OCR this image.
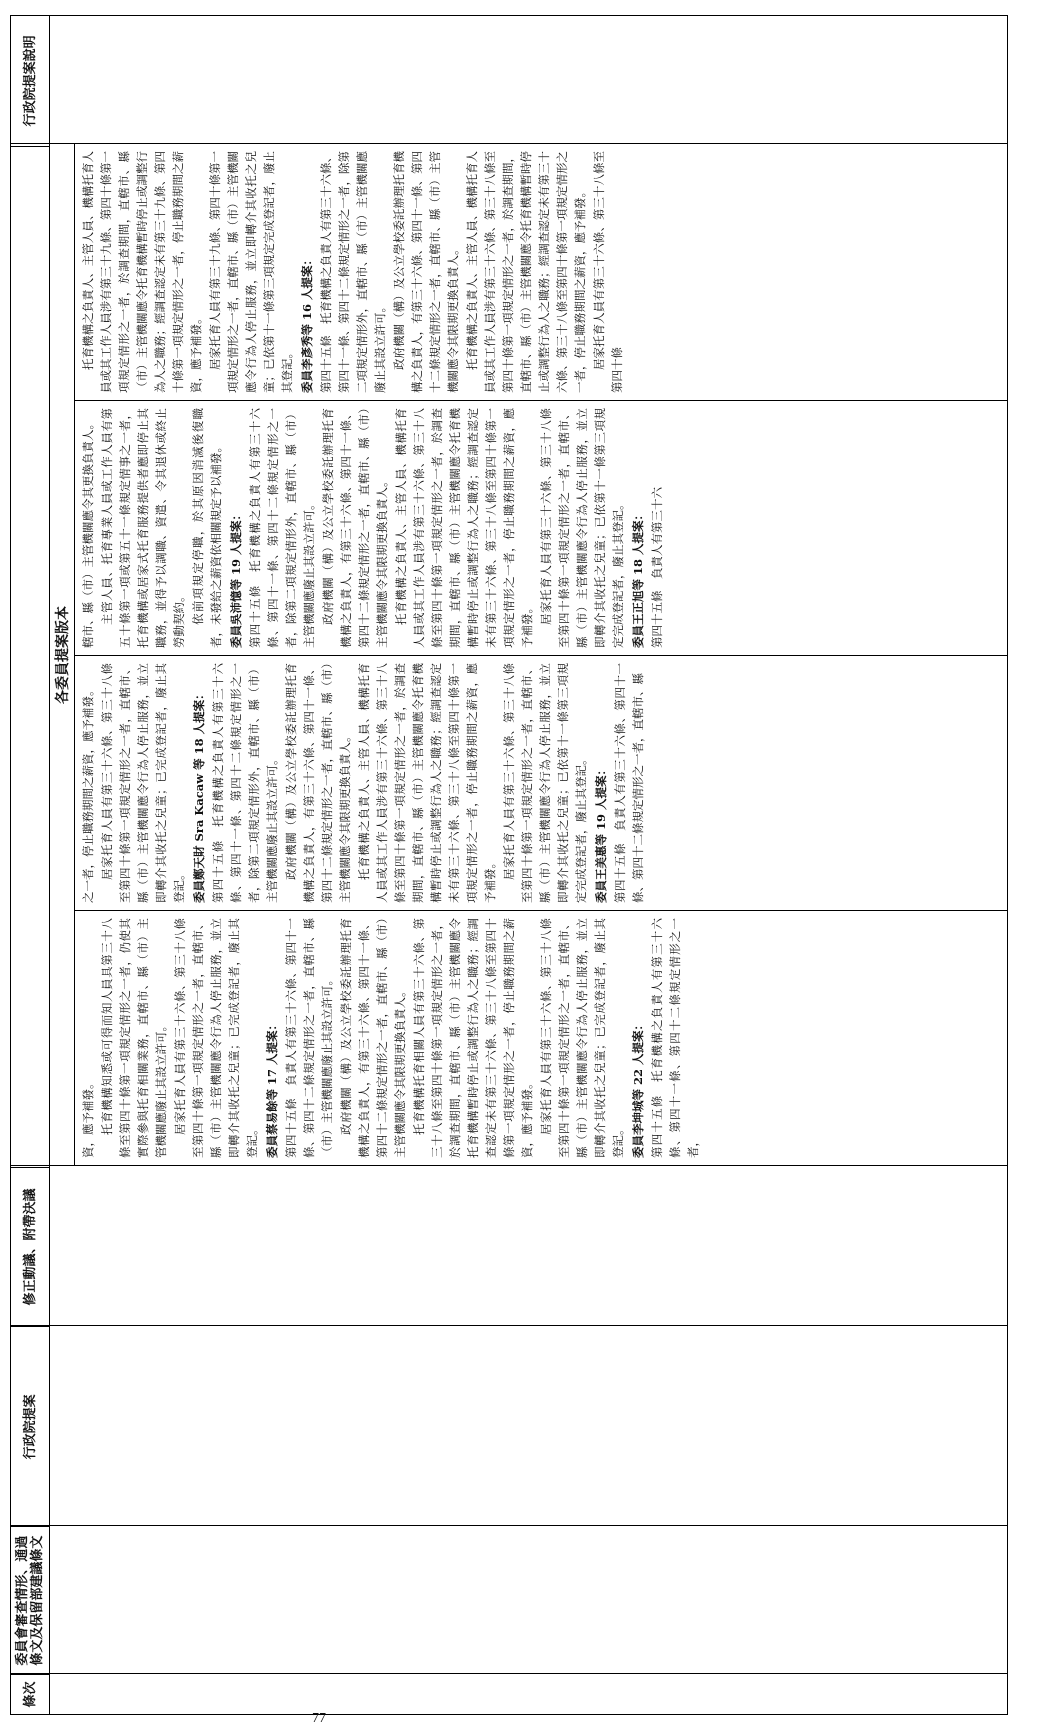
條次
委員會審查情形、通過條文及保留部建議條文
行政院提案
修正動議、附帶決議
行政院提案說明
各委員提案版本

資，應予補發。 托育機構知悉或可得而知人員具第三十八條至第四十條第一項規定情形之一者，仍使其實際參與托育相關業務，直轄市、縣（市）主管機關應廢止其設立許可。 居家托育人員有第三十六條、第三十八條至第四十條第一項規定情形之一者，直轄市、縣（市）主管機關應令行為人停止服務，並立即轉介其收托之兒童；已完成登記者，廢止其登記。 委員蔡易餘等 17 人提案： 第四十五條　負責人有第三十六條、第四十一條、第四十二條規定情形之一者，直轄市、縣（市）主管機關應廢止其設立許可。 政府機關（構）及公立學校委託辦理托育機構之負責人，有第三十六條、第四十一條、第四十二條規定情形之一者，直轄市、縣（市）主管機關應令其限期更換負責人。 托育機構托育相關人員有第三十六條、第三十八條至第四十條第一項規定情形之一者，於調查期間，直轄市、縣（市）主管機關應令托育機構暫時停止或調整行為人之職務；經調查認定未有第三十六條、第三十八條至第四十條第一項規定情形之一者，停止職務期間之薪資，應予補發。 居家托育人員有第三十六條、第三十八條至第四十條第一項規定情形之一者，直轄市、縣（市）主管機關應令行為人停止服務，並立即轉介其收托之兒童；已完成登記者，廢止其登記。 委員李坤城等 22 人提案： 第四十五條　托育機構之負責人有第三十六條、第四十一條、第四十二條規定情形之一者，

之一者，停止職務期間之薪資，應予補發。 居家托育人員有第三十六條、第三十八條至第四十條第一項規定情形之一者，直轄市、縣（市）主管機關應令行為人停止服務，並立即轉介其收托之兒童；已完成登記者，廢止其登記。 委員鄭天財 Sra Kacaw 等 18 人提案： 第四十五條　托育機構之負責人有第三十六條、第四十一條、第四十二條規定情形之一者，除第二項規定情形外，直轄市、縣（市）主管機關應廢止其設立許可。 政府機關（構）及公立學校委託辦理托育機構之負責人，有第三十六條、第四十一條、第四十二條規定情形之一者，直轄市、縣（市）主管機關應令其限期更換負責人。 托育機構之負責人、主管人員、機構托育人員或其工作人員涉有第三十六條、第三十八條至第四十條第一項規定情形之一者，於調查期間，直轄市、縣（市）主管機關應令托育機構暫時停止或調整行為人之職務；經調查認定未有第三十六條、第三十八條至第四十條第一項規定情形之一者，停止職務期間之薪資，應予補發。 居家托育人員有第三十六條、第三十八條至第四十條第一項規定情形之一者，直轄市、縣（市）主管機關應令行為人停止服務，並立即轉介其收托之兒童；已依第十一條第三項規定完成登記者，廢止其登記。 委員王美惠等 19 人提案： 第四十五條　負責人有第三十六條、第四十一條、第四十二條規定情形之一者，直轄市、縣

轄市、縣（市）主管機關應令其更換負責人。 主管人員、托育專業人員或工作人員有第五十條第一項或第五十一條規定情事之一者，托育機構或居家式托育服務提供者應即停止其職務，並得予以調職、資遣、令其退休或終止勞動契約。 依前項規定停職，於其原因消滅後復職者，未發給之薪資依相關規定予以補發。 委員吳沛憶等 19 人提案： 第四十五條　托育機構之負責人有第三十六條、第四十一條、第四十二條規定情形之一者，除第二項規定情形外，直轄市、縣（市）主管機關應廢止其設立許可。 政府機關（構）及公立學校委託辦理托育機構之負責人，有第三十六條、第四十一條、第四十二條規定情形之一者，直轄市、縣（市）主管機關應令其限期更換負責人。 托育機構之負責人、主管人員、機構托育人員或其工作人員涉有第三十六條、第三十八條至第四十條第一項規定情形之一者，於調查期間，直轄市、縣（市）主管機關應令托育機構暫時停止或調整行為人之職務；經調查認定未有第三十六條、第三十八條至第四十條第一項規定情形之一者，停止職務期間之薪資，應予補發。 居家托育人員有第三十六條、第三十八條至第四十條第一項規定情形之一者，直轄市、縣（市）主管機關應令行為人停止服務，並立即轉介其收托之兒童；已依第十一條第三項規定完成登記者，廢止其登記。 委員王正旭等 18 人提案： 第四十五條　負責人有第三十六

托育機構之負責人、主管人員、機構托育人員或其工作人員涉有第三十九條、第四十條第一項規定情形之一者，於調查期間，直轄市、縣（市）主管機關應令托育機構暫時停止或調整行為人之職務；經調查認定未有第三十九條、第四十條第一項規定情形之一者，停止職務期間之薪資，應予補發。 居家托育人員有第三十九條、第四十條第一項規定情形之一者，直轄市、縣（市）主管機關應令行為人停止服務，並立即轉介其收托之兒童；已依第十一條第三項規定完成登記者，廢止其登記。 委員李彥秀等 16 人提案： 第四十五條　托育機構之負責人有第三十六條、第四十一條、第四十二條規定情形之一者，除第二項規定情形外，直轄市、縣（市）主管機關應廢止其設立許可。 政府機關（構）及公立學校委託辦理托育機構之負責人，有第三十六條、第四十一條、第四十二條規定情形之一者，直轄市、縣（市）主管機關應令其限期更換負責人。 托育機構之負責人、主管人員、機構托育人員或其工作人員涉有第三十六條、第三十八條至第四十條第一項規定情形之一者，於調查期間，直轄市、縣（市）主管機關應令托育機構暫時停止或調整行為人之職務；經調查認定未有第三十六條、第三十八條至第四十條第一項規定情形之一者，停止職務期間之薪資，應予補發。 居家托育人員有第三十六條、第三十八條至第四十條

77
